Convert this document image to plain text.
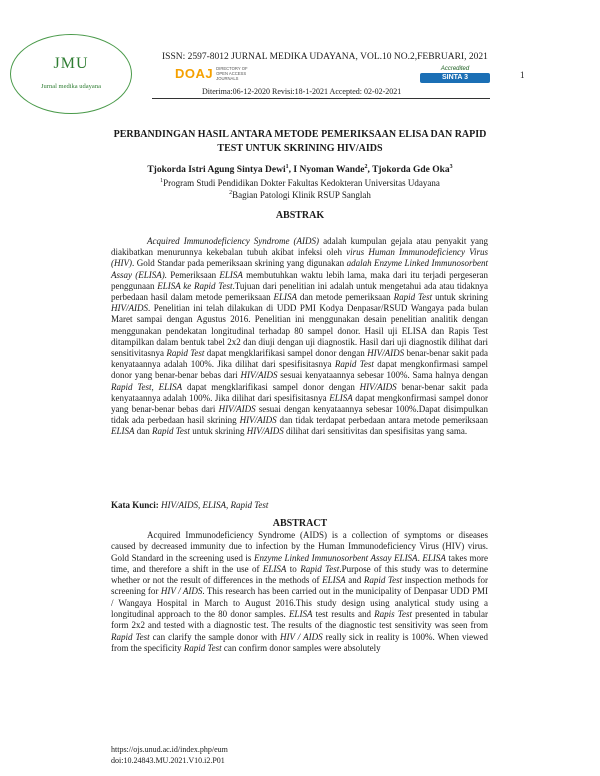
JMU
Jurnal medika udayana
ISSN: 2597-8012 JURNAL MEDIKA UDAYANA, VOL.10 NO.2,FEBRUARI, 2021
DOAJ DIRECTORY OF OPEN ACCESS JOURNALS
Diterima:06-12-2020 Revisi:18-1-2021 Accepted: 02-02-2021
Accredited
SINTA 3	1
PERBANDINGAN HASIL ANTARA METODE PEMERIKSAAN ELISA DAN RAPID TEST UNTUK SKRINING HIV/AIDS
Tjokorda Istri Agung Sintya Dewi$^1$, I Nyoman Wande$^2$, Tjokorda Gde Oka$^3$
$^1$Program Studi Pendidikan Dokter Fakultas Kedokteran Universitas Udayana
$^2$Bagian Patologi Klinik RSUP Sanglah
ABSTRAK

Acquired Immunodeficiency Syndrome (AIDS) adalah kumpulan gejala atau penyakit yang diakibatkan menurunnya kekebalan tubuh akibat infeksi oleh virus Human Immunodeficiency Virus (HIV). Gold Standar pada pemeriksaan skrining yang digunakan adalah Enzyme Linked Immunosorbent Assay (ELISA). Pemeriksaan ELISA membutuhkan waktu lebih lama, maka dari itu terjadi pergeseran penggunaan ELISA ke Rapid Test.Tujuan dari penelitian ini adalah untuk mengetahui ada atau tidaknya perbedaan hasil dalam metode pemeriksaan ELISA dan metode pemeriksaan Rapid Test untuk skrining HIV/AIDS. Penelitian ini telah dilakukan di UDD PMI Kodya Denpasar/RSUD Wangaya pada bulan Maret sampai dengan Agustus 2016. Penelitian ini menggunakan desain penelitian analitik dengan menggunakan pendekatan longitudinal terhadap 80 sampel donor. Hasil uji ELISA dan Rapis Test ditampilkan dalam bentuk tabel 2x2 dan diuji dengan uji diagnostik. Hasil dari uji diagnostik dilihat dari sensitivitasnya Rapid Test dapat mengklarifikasi sampel donor dengan HIV/AIDS benar-benar sakit pada kenyataannya adalah 100%. Jika dilihat dari spesifisitasnya Rapid Test dapat mengkonfirmasi sampel donor yang benar-benar bebas dari HIV/AIDS sesuai kenyataannya sebesar 100%. Sama halnya dengan Rapid Test, ELISA dapat mengklarifikasi sampel donor dengan HIV/AIDS benar-benar sakit pada kenyataannya adalah 100%. Jika dilihat dari spesifisitasnya ELISA dapat mengkonfirmasi sampel donor yang benar-benar bebas dari HIV/AIDS sesuai dengan kenyataannya sebesar 100%.Dapat disimpulkan tidak ada perbedaan hasil skrining HIV/AIDS dan tidak terdapat perbedaan antara metode pemeriksaan ELISA dan Rapid Test untuk skrining HIV/AIDS dilihat dari sensitivitas dan spesifisitas yang sama.

Kata Kunci: HIV/AIDS, ELISA, Rapid Test
ABSTRACT

Acquired Immunodeficiency Syndrome (AIDS) is a collection of symptoms or diseases caused by decreased immunity due to infection by the Human Immunodeficiency Virus (HIV) virus. Gold Standard in the screening used is Enzyme Linked Immunosorbent Assay ELISA. ELISA takes more time, and therefore a shift in the use of ELISA to Rapid Test.Purpose of this study was to determine whether or not the result of differences in the methods of ELISA and Rapid Test inspection methods for screening for HIV / AIDS. This research has been carried out in the municipality of Denpasar UDD PMI / Wangaya Hospital in March to August 2016.This study design using analytical study using a longitudinal approach to the 80 donor samples. ELISA test results and Rapis Test presented in tabular form 2x2 and tested with a diagnostic test. The results of the diagnostic test sensitivity was seen from Rapid Test can clarify the sample donor with HIV / AIDS really sick in reality is 100%. When viewed from the specificity Rapid Test can confirm donor samples were absolutely

https://ojs.unud.ac.id/index.php/eum
doi:10.24843.MU.2021.V10.i2.P01
